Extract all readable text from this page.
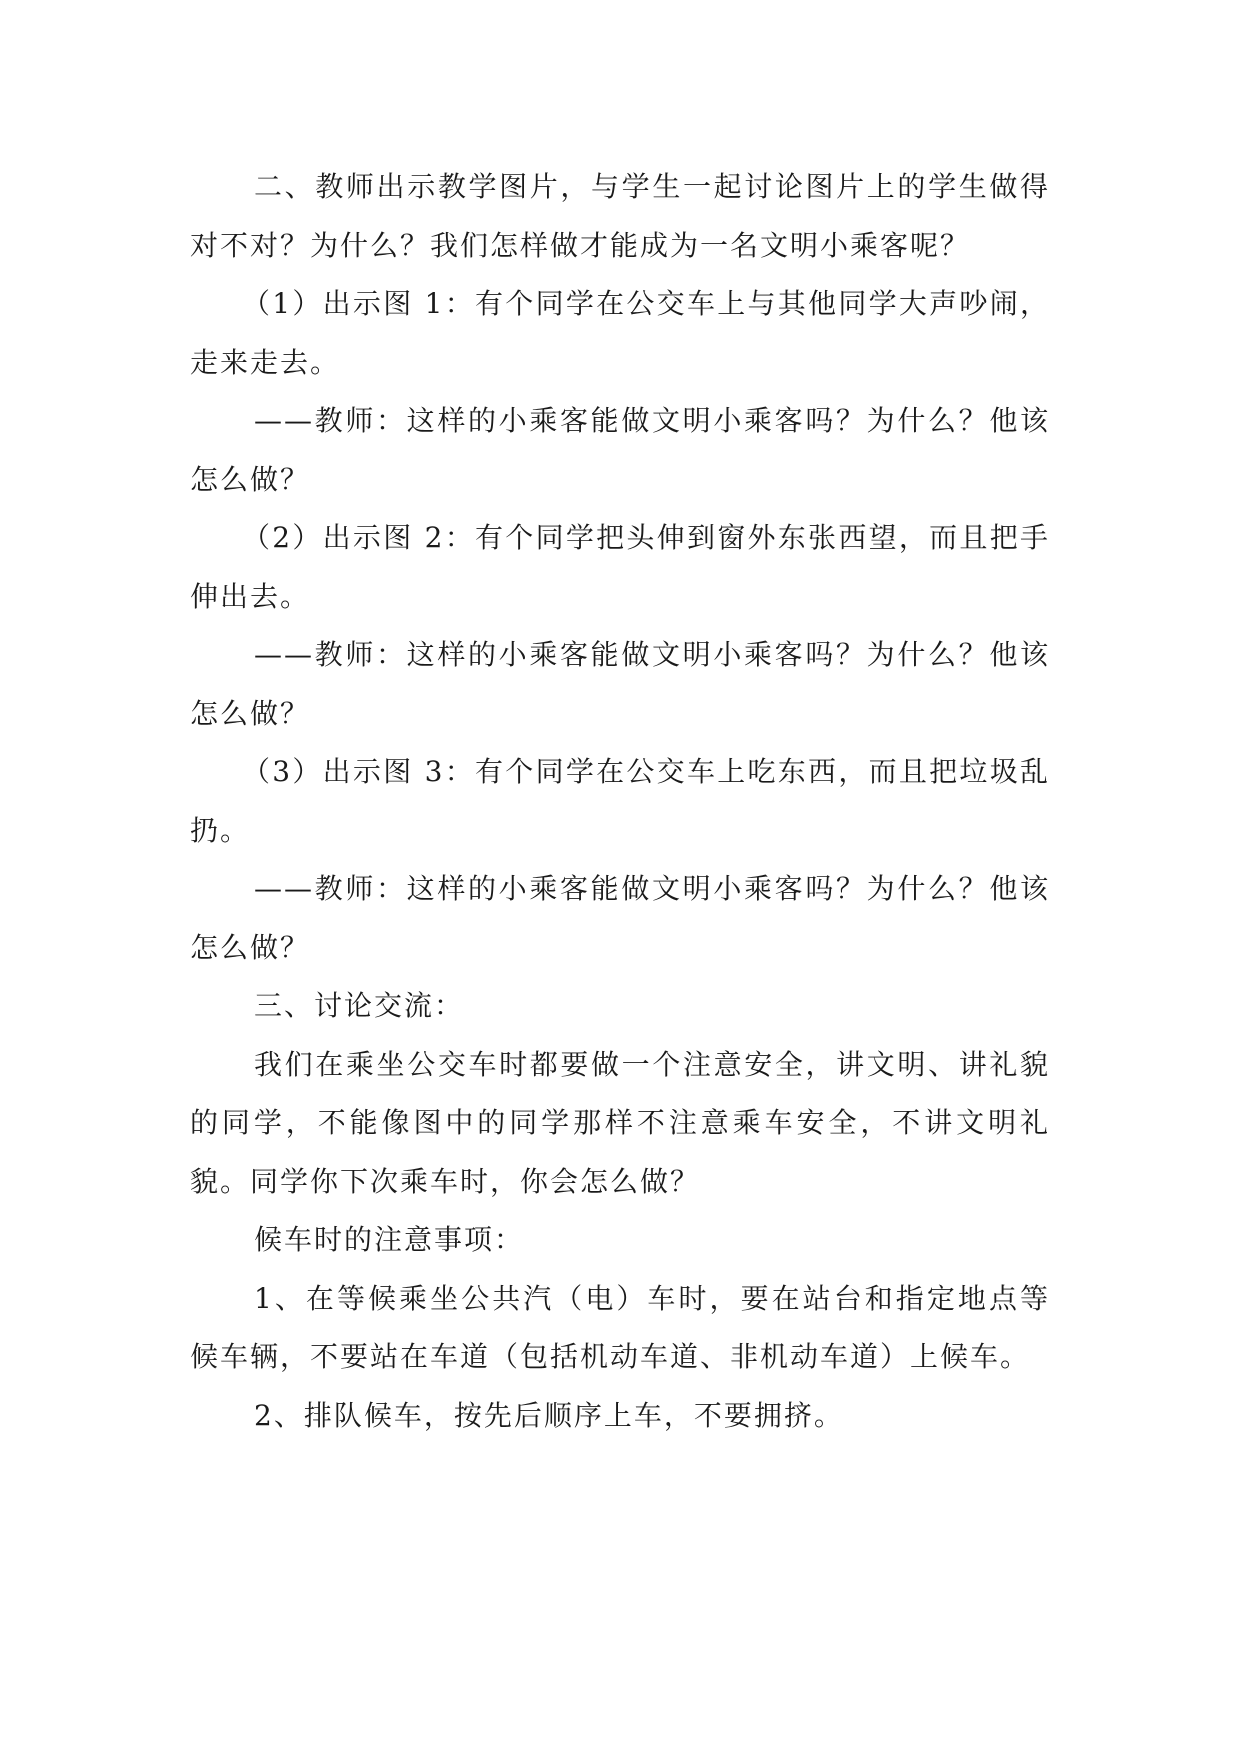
二、教师出示教学图片，与学生一起讨论图片上的学生做得对不对？为什么？我们怎样做才能成为一名文明小乘客呢？

（1）出示图 1：有个同学在公交车上与其他同学大声吵闹，走来走去。

——教师：这样的小乘客能做文明小乘客吗？为什么？他该怎么做？

（2）出示图 2：有个同学把头伸到窗外东张西望，而且把手伸出去。

——教师：这样的小乘客能做文明小乘客吗？为什么？他该怎么做？

（3）出示图 3：有个同学在公交车上吃东西，而且把垃圾乱扔。

——教师：这样的小乘客能做文明小乘客吗？为什么？他该怎么做？

三、讨论交流：

我们在乘坐公交车时都要做一个注意安全，讲文明、讲礼貌的同学，不能像图中的同学那样不注意乘车安全，不讲文明礼貌。同学你下次乘车时，你会怎么做？

候车时的注意事项：

1、在等候乘坐公共汽（电）车时，要在站台和指定地点等候车辆，不要站在车道（包括机动车道、非机动车道）上候车。

2、排队候车，按先后顺序上车，不要拥挤。
